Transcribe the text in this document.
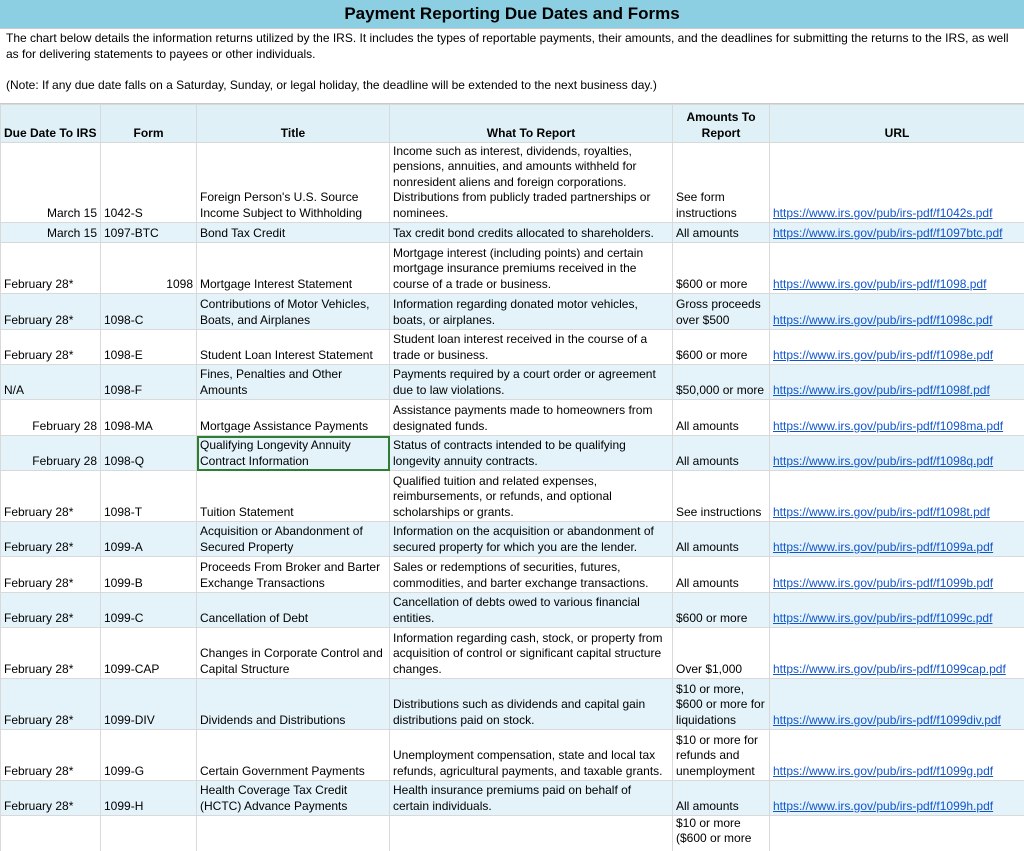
Payment Reporting Due Dates and Forms

The chart below details the information returns utilized by the IRS. It includes the types of reportable payments, their amounts, and the deadlines for submitting the returns to the IRS, as well as for delivering statements to payees or other individuals.

(Note: If any due date falls on a Saturday, Sunday, or legal holiday, the deadline will be extended to the next business day.)

Due Date To IRS	Form	Title	What To Report	Amounts To Report	URL
March 15	1042-S	Foreign Person's U.S. Source Income Subject to Withholding	Income such as interest, dividends, royalties, pensions, annuities, and amounts withheld for nonresident aliens and foreign corporations. Distributions from publicly traded partnerships or nominees.	See form instructions	https://www.irs.gov/pub/irs-pdf/f1042s.pdf
March 15	1097-BTC	Bond Tax Credit	Tax credit bond credits allocated to shareholders.	All amounts	https://www.irs.gov/pub/irs-pdf/f1097btc.pdf
February 28*	1098	Mortgage Interest Statement	Mortgage interest (including points) and certain mortgage insurance premiums received in the course of a trade or business.	$600 or more	https://www.irs.gov/pub/irs-pdf/f1098.pdf
February 28*	1098-C	Contributions of Motor Vehicles, Boats, and Airplanes	Information regarding donated motor vehicles, boats, or airplanes.	Gross proceeds over $500	https://www.irs.gov/pub/irs-pdf/f1098c.pdf
February 28*	1098-E	Student Loan Interest Statement	Student loan interest received in the course of a trade or business.	$600 or more	https://www.irs.gov/pub/irs-pdf/f1098e.pdf
N/A	1098-F	Fines, Penalties and Other Amounts	Payments required by a court order or agreement due to law violations.	$50,000 or more	https://www.irs.gov/pub/irs-pdf/f1098f.pdf
February 28	1098-MA	Mortgage Assistance Payments	Assistance payments made to homeowners from designated funds.	All amounts	https://www.irs.gov/pub/irs-pdf/f1098ma.pdf
February 28	1098-Q	Qualifying Longevity Annuity Contract Information	Status of contracts intended to be qualifying longevity annuity contracts.	All amounts	https://www.irs.gov/pub/irs-pdf/f1098q.pdf
February 28*	1098-T	Tuition Statement	Qualified tuition and related expenses, reimbursements, or refunds, and optional scholarships or grants.	See instructions	https://www.irs.gov/pub/irs-pdf/f1098t.pdf
February 28*	1099-A	Acquisition or Abandonment of Secured Property	Information on the acquisition or abandonment of secured property for which you are the lender.	All amounts	https://www.irs.gov/pub/irs-pdf/f1099a.pdf
February 28*	1099-B	Proceeds From Broker and Barter Exchange Transactions	Sales or redemptions of securities, futures, commodities, and barter exchange transactions.	All amounts	https://www.irs.gov/pub/irs-pdf/f1099b.pdf
February 28*	1099-C	Cancellation of Debt	Cancellation of debts owed to various financial entities.	$600 or more	https://www.irs.gov/pub/irs-pdf/f1099c.pdf
February 28*	1099-CAP	Changes in Corporate Control and Capital Structure	Information regarding cash, stock, or property from acquisition of control or significant capital structure changes.	Over $1,000	https://www.irs.gov/pub/irs-pdf/f1099cap.pdf
February 28*	1099-DIV	Dividends and Distributions	Distributions such as dividends and capital gain distributions paid on stock.	$10 or more, $600 or more for liquidations	https://www.irs.gov/pub/irs-pdf/f1099div.pdf
February 28*	1099-G	Certain Government Payments	Unemployment compensation, state and local tax refunds, agricultural payments, and taxable grants.	$10 or more for refunds and unemployment	https://www.irs.gov/pub/irs-pdf/f1099g.pdf
February 28*	1099-H	Health Coverage Tax Credit (HCTC) Advance Payments	Health insurance premiums paid on behalf of certain individuals.	All amounts	https://www.irs.gov/pub/irs-pdf/f1099h.pdf
				$10 or more ($600 or more	
